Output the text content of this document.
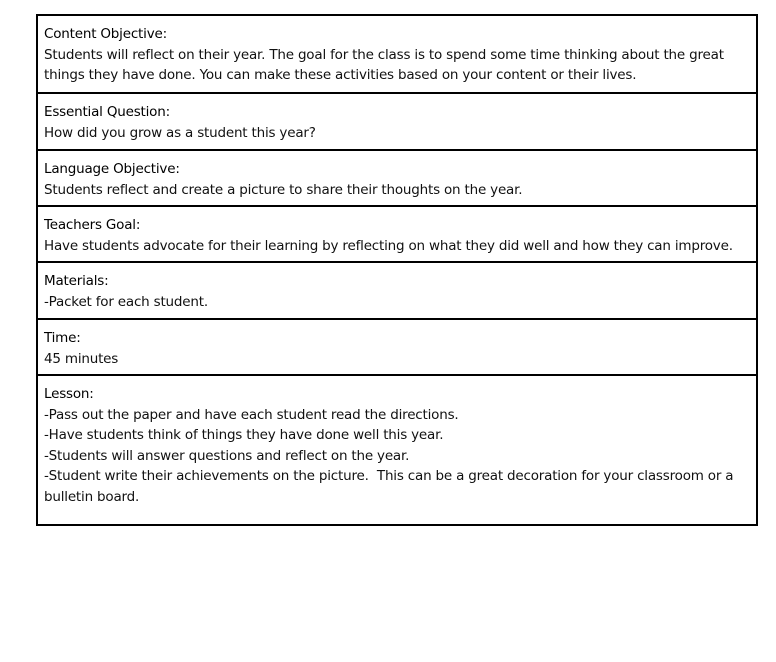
Content Objective:
Students will reflect on their year. The goal for the class is to spend some time thinking about the great things they have done. You can make these activities based on your content or their lives.
Essential Question:
How did you grow as a student this year?
Language Objective:
Students reflect and create a picture to share their thoughts on the year.
Teachers Goal:
Have students advocate for their learning by reflecting on what they did well and how they can improve.
Materials:
-Packet for each student.
Time:
45 minutes
Lesson:
-Pass out the paper and have each student read the directions.
-Have students think of things they have done well this year.
-Students will answer questions and reflect on the year.
-Student write their achievements on the picture.  This can be a great decoration for your classroom or a bulletin board.
